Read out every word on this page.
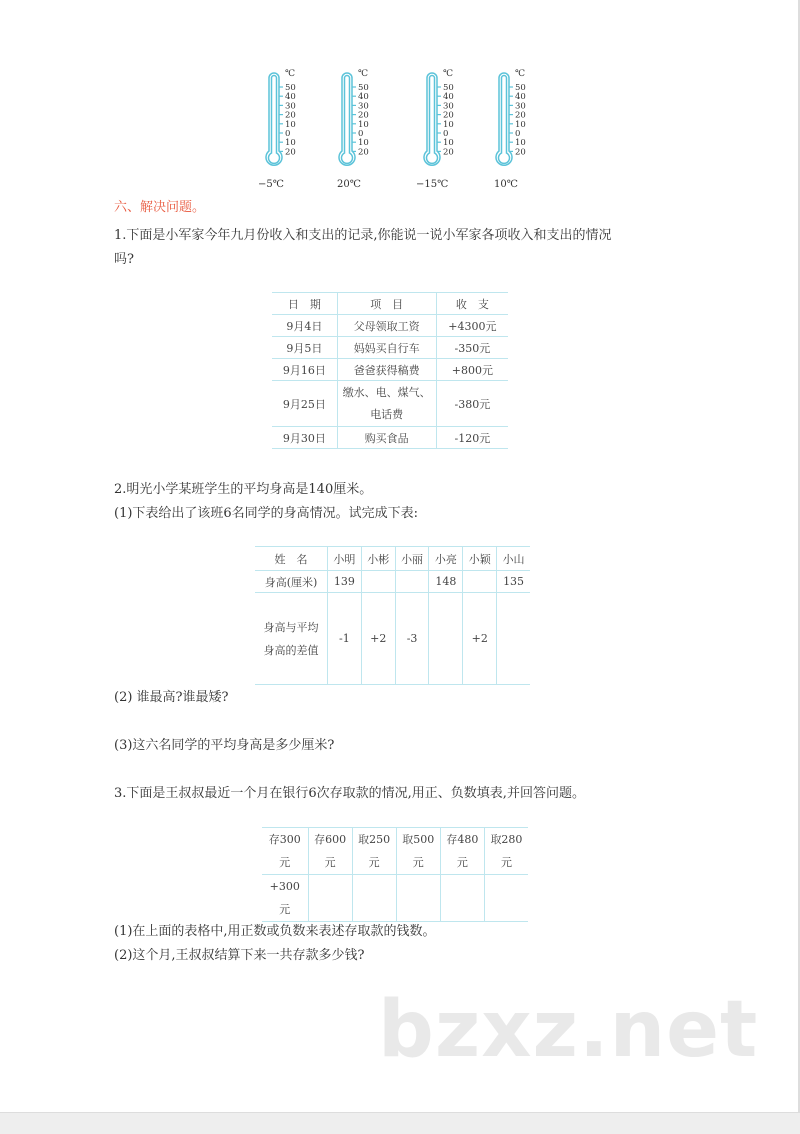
℃
50
40
30
20
10
0
10
20
−5℃
℃
50
40
30
20
10
0
10
20
20℃
℃
50
40
30
20
10
0
10
20
−15℃
℃
50
40
30
20
10
0
10
20
10℃
六、解决问题。
1.下面是小军家今年九月份收入和支出的记录,你能说一说小军家各项收入和支出的情况
吗?
日　期	项　目	收　支
9月4日	父母领取工资	+4300元
9月5日	妈妈买自行车	-350元
9月16日	爸爸获得稿费	+800元
9月25日	缴水、电、煤气、电话费	-380元
9月30日	购买食品	-120元
2.明光小学某班学生的平均身高是140厘米。
(1)下表给出了该班6名同学的身高情况。试完成下表:
姓　名	小明	小彬	小丽	小亮	小颖	小山
身高(厘米)	139			148		135
身高与平均身高的差值	-1	+2	-3		+2	
(2) 谁最高?谁最矮?
(3)这六名同学的平均身高是多少厘米?
3.下面是王叔叔最近一个月在银行6次存取款的情况,用正、负数填表,并回答问题。
存300元	存600元	取250元	取500元	存480元	取280元
+300元					
(1)在上面的表格中,用正数或负数来表述存取款的钱数。
(2)这个月,王叔叔结算下来一共存款多少钱?
bzxz.net
